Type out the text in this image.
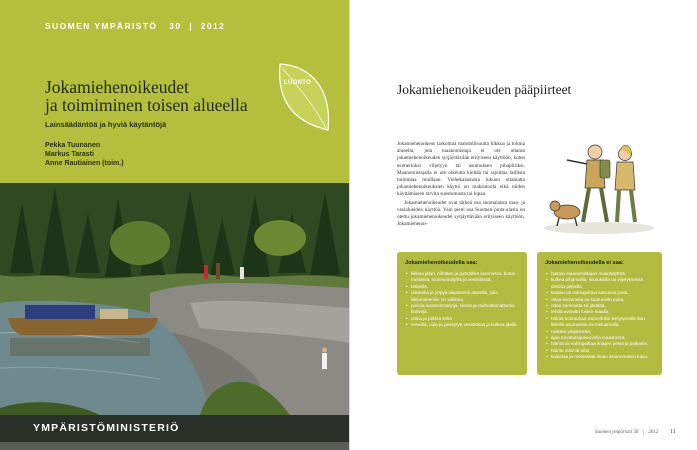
SUOMEN YMPÄRISTÖ 30 | 2012
Jokamiehenoikeudet
ja toimiminen toisen alueella
Lainsäädäntöä ja hyviä käytäntöjä
Pekka Tuunanen
Markus Tarasti
Anne Rautiainen (toim.)
LUONTO
YMPÄRISTÖMINISTERIÖ
Jokamiehenoikeuden pääpiirteet

Jokamiehenoikeus tarkoittaa mahdollisuutta liikkua ja toimia alueella, jota maanomistaja ei ole ottanut jokamiehenoikeuden syrjäyttävään erityiseen käyttöön, kuten esimerkiksi viljelyyn tai asumuksen pihapiiriksi. Maanomistajalla ei ole oikeutta kieltää tai rajoittaa laillista toimintaa muillaan. Viehekalastusta lukuun ottamatta jokamiehenoikeuksien käyttö on maksutonta eikä niiden käyttämiseen tarvita suostumusta tai lupaa.

Jokamiehenoikeudet ovat tärkeä osa suomalaista maa- ja vesialueiden käyttöä. Vain pieni osa Suomen pinta-alasta on otettu jokamiehenoikeudet syrjäyttävään erityiseen käyttöön. Jokamiehenoi-

Jokamiehenoikeudella saa:
• liikkua jalan, hiihtäen ja pyöräillen luonnossa, kuten metsissä, luonnonniityillä ja vesistöissä,
• retkeillä,
• oleskella ja yöpyä tilapäisesti alueella, jolla liikkuminenkin on sallittua,
• poimia luonnonmarjoja, sieniä ja rauhoittamattomia kasveja,
• onkia ja pilkkiä sekä
• veneillä, uida ja peseytyä vesistössä ja kulkea jäällä.
Jokamiehenoikeudella ei saa:
• haitata maanomistajan maankäyttöä,
• kulkea pihamailla, istutuksilla tai viljelyksessä olevilla pelloilla,
• kaataa tai vahingoittaa kasvavia puita,
• ottaa kuivuneita tai kaatuneita puita,
• ottaa sammalta tai jäkälää,
• tehdä avotulta toisen maalla,
• häiritä kotirauhaa esimerkiksi leiriytymällä liian lähelle asumuksia tai meluamalla,
• roskata ympäristöä,
• ajaa moottoriajoneuvolla maastossa,
• häiritä tai vahingoittaa lintujen pesiä ja poikasia,
• häiritä eläimiä eikä
• kalastaa ja metsästää ilman asianomaisia lupia.
Suomen ympäristö 30 | 2012 11
